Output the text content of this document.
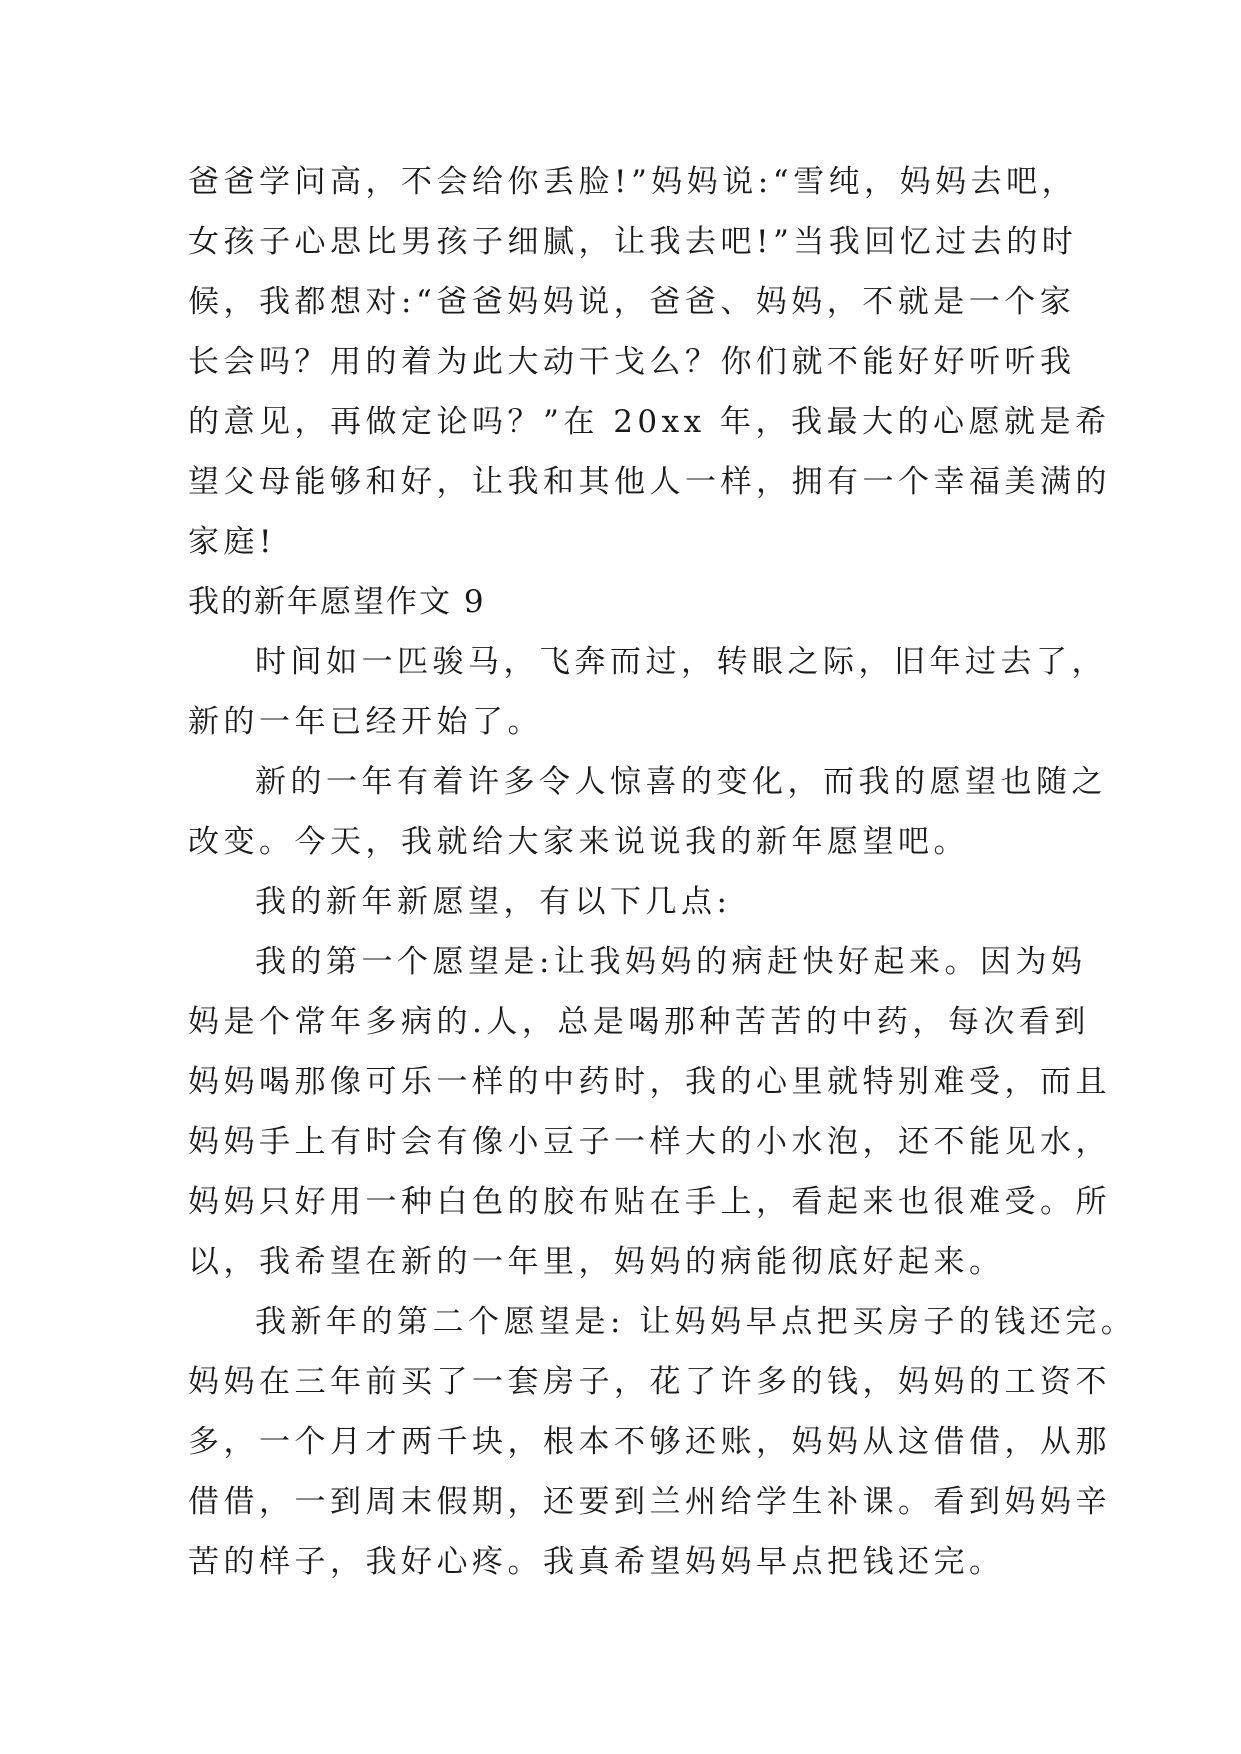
爸爸学问高，不会给你丢脸!”妈妈说:“雪纯，妈妈去吧，
女孩子心思比男孩子细腻，让我去吧!”当我回忆过去的时
候，我都想对:“爸爸妈妈说，爸爸、妈妈，不就是一个家
长会吗？用的着为此大动干戈么？你们就不能好好听听我
的意见，再做定论吗？”在 20xx 年，我最大的心愿就是希
望父母能够和好，让我和其他人一样，拥有一个幸福美满的
家庭!
我的新年愿望作文 9
时间如一匹骏马，飞奔而过，转眼之际，旧年过去了，
新的一年已经开始了。
新的一年有着许多令人惊喜的变化，而我的愿望也随之
改变。今天，我就给大家来说说我的新年愿望吧。
我的新年新愿望，有以下几点:
我的第一个愿望是:让我妈妈的病赶快好起来。因为妈
妈是个常年多病的.人，总是喝那种苦苦的中药，每次看到
妈妈喝那像可乐一样的中药时，我的心里就特别难受，而且
妈妈手上有时会有像小豆子一样大的小水泡，还不能见水，
妈妈只好用一种白色的胶布贴在手上，看起来也很难受。所
以，我希望在新的一年里，妈妈的病能彻底好起来。
我新年的第二个愿望是: 让妈妈早点把买房子的钱还完。
妈妈在三年前买了一套房子，花了许多的钱，妈妈的工资不
多，一个月才两千块，根本不够还账，妈妈从这借借，从那
借借，一到周末假期，还要到兰州给学生补课。看到妈妈辛
苦的样子，我好心疼。我真希望妈妈早点把钱还完。
